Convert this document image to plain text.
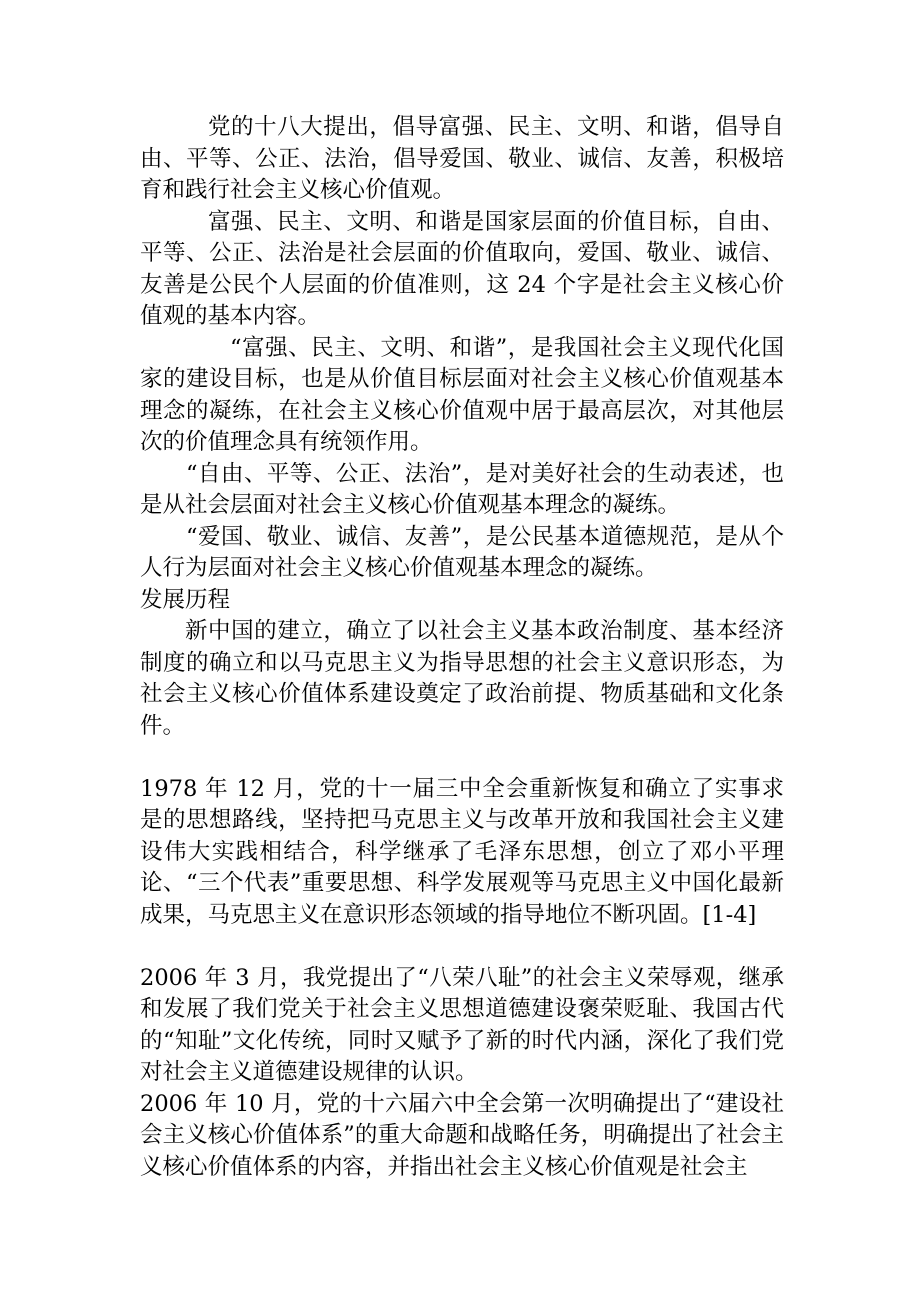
党的十八大提出，倡导富强、民主、文明、和谐，倡导自由、平等、公正、法治，倡导爱国、敬业、诚信、友善，积极培育和践行社会主义核心价值观。

富强、民主、文明、和谐是国家层面的价值目标，自由、平等、公正、法治是社会层面的价值取向，爱国、敬业、诚信、友善是公民个人层面的价值准则，这 24 个字是社会主义核心价值观的基本内容。

“富强、民主、文明、和谐”，是我国社会主义现代化国家的建设目标，也是从价值目标层面对社会主义核心价值观基本理念的凝练，在社会主义核心价值观中居于最高层次，对其他层次的价值理念具有统领作用。

“自由、平等、公正、法治”，是对美好社会的生动表述，也是从社会层面对社会主义核心价值观基本理念的凝练。

“爱国、敬业、诚信、友善”，是公民基本道德规范，是从个人行为层面对社会主义核心价值观基本理念的凝练。

发展历程

新中国的建立，确立了以社会主义基本政治制度、基本经济制度的确立和以马克思主义为指导思想的社会主义意识形态，为社会主义核心价值体系建设奠定了政治前提、物质基础和文化条件。

1978 年 12 月，党的十一届三中全会重新恢复和确立了实事求是的思想路线，坚持把马克思主义与改革开放和我国社会主义建设伟大实践相结合，科学继承了毛泽东思想，创立了邓小平理论、“三个代表”重要思想、科学发展观等马克思主义中国化最新成果，马克思主义在意识形态领域的指导地位不断巩固。[1-4]

2006 年 3 月，我党提出了“八荣八耻”的社会主义荣辱观，继承和发展了我们党关于社会主义思想道德建设褒荣贬耻、我国古代的“知耻”文化传统，同时又赋予了新的时代内涵，深化了我们党对社会主义道德建设规律的认识。

2006 年 10 月，党的十六届六中全会第一次明确提出了“建设社会主义核心价值体系”的重大命题和战略任务，明确提出了社会主义核心价值体系的内容，并指出社会主义核心价值观是社会主
